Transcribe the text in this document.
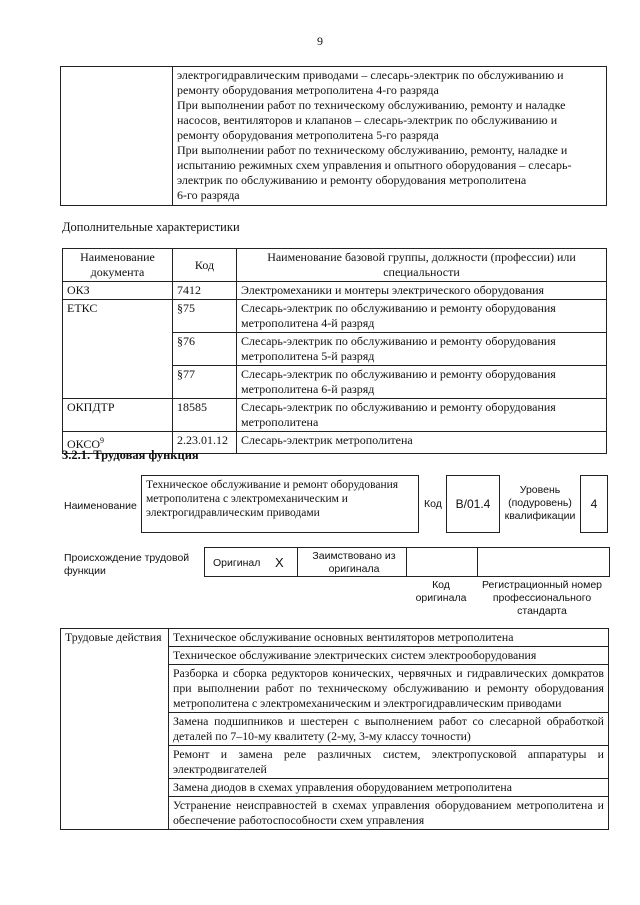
9

электрогидравлическим приводами – слесарь-электрик по обслуживанию и ремонту оборудования метрополитена 4-го разряда
При выполнении работ по техническому обслуживанию, ремонту и наладке насосов, вентиляторов и клапанов – слесарь-электрик по обслуживанию и ремонту оборудования метрополитена 5-го разряда
При выполнении работ по техническому обслуживанию, ремонту, наладке и испытанию режимных схем управления и опытного оборудования – слесарь-электрик по обслуживанию и ремонту оборудования метрополитена
6-го разряда
Дополнительные характеристики
Наименование документа	Код	Наименование базовой группы, должности (профессии) или специальности
ОКЗ	7412	Электромеханики и монтеры электрического оборудования
ЕТКС	§75	Слесарь-электрик по обслуживанию и ремонту оборудования метрополитена 4-й разряд
	§76	Слесарь-электрик по обслуживанию и ремонту оборудования метрополитена 5-й разряд
	§77	Слесарь-электрик по обслуживанию и ремонту оборудования метрополитена 6-й разряд
ОКПДТР	18585	Слесарь-электрик по обслуживанию и ремонту оборудования метрополитена
ОКСО$^9$	2.23.01.12	Слесарь-электрик метрополитена
3.2.1. Трудовая функция
Наименование
Техническое обслуживание и ремонт оборудования метрополитена с электромеханическим и электрогидравлическим приводами
Код	B/01.4
Уровень (подуровень) квалификации
4
Происхождение трудовой функции
Оригинал X	Заимствовано из оригинала
Код оригинала
Регистрационный номер профессионального стандарта
Трудовые действия	Техническое обслуживание основных вентиляторов метрополитена
Техническое обслуживание электрических систем электрооборудования
Разборка и сборка редукторов конических, червячных и гидравлических домкратов при выполнении работ по техническому обслуживанию и ремонту оборудования метрополитена с электромеханическим и электрогидравлическим приводами
Замена подшипников и шестерен с выполнением работ со слесарной обработкой деталей по 7–10-му квалитету (2-му, 3-му классу точности)
Ремонт и замена реле различных систем, электропусковой аппаратуры и электродвигателей
Замена диодов в схемах управления оборудованием метрополитена
Устранение неисправностей в схемах управления оборудованием метрополитена и обеспечение работоспособности схем управления
